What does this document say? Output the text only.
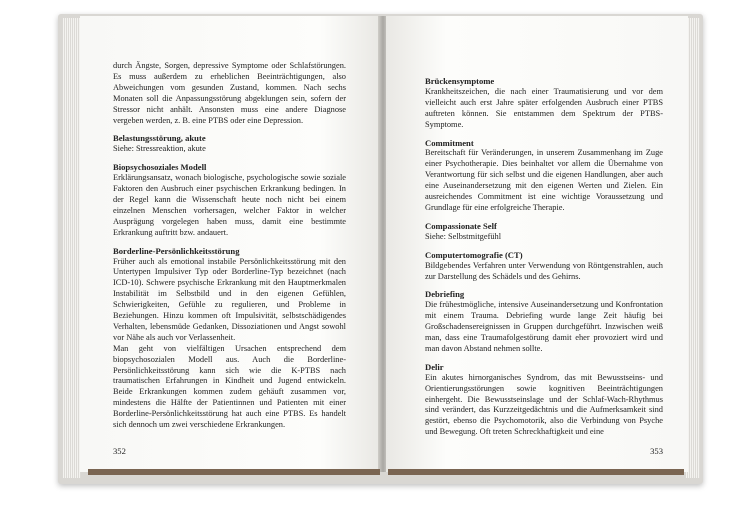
durch Ängste, Sorgen, depressive Symptome oder Schlafstörungen. Es muss außerdem zu erheblichen Beeinträchtigungen, also Abweichungen vom gesunden Zustand, kommen. Nach sechs Monaten soll die Anpassungsstörung abgeklungen sein, sofern der Stressor nicht anhält. Ansonsten muss eine andere Diagnose vergeben werden, z. B. eine PTBS oder eine Depression.

Belastungsstörung, akute

Siehe: Stressreaktion, akute

Biopsychosoziales Modell

Erklärungsansatz, wonach biologische, psychologische sowie soziale Faktoren den Ausbruch einer psychischen Erkrankung bedingen. In der Regel kann die Wissenschaft heute noch nicht bei einem einzelnen Menschen vorhersagen, welcher Faktor in welcher Ausprägung vorgelegen haben muss, damit eine bestimmte Erkrankung auftritt bzw. andauert.

Borderline-Persönlichkeitsstörung

Früher auch als emotional instabile Persönlichkeitsstörung mit den Untertypen Impulsiver Typ oder Borderline-Typ bezeichnet (nach ICD-10). Schwere psychische Erkrankung mit den Hauptmerkmalen Instabilität im Selbstbild und in den eigenen Gefühlen, Schwierigkeiten, Gefühle zu regulieren, und Probleme in Beziehungen. Hinzu kommen oft Impulsivität, selbstschädigendes Verhalten, lebensmüde Gedanken, Dissoziationen und Angst sowohl vor Nähe als auch vor Verlassenheit.

Man geht von vielfältigen Ursachen entsprechend dem biopsychosozialen Modell aus. Auch die Borderline-Persönlichkeitsstörung kann sich wie die K-PTBS nach traumatischen Erfahrungen in Kindheit und Jugend entwickeln. Beide Erkrankungen kommen zudem gehäuft zusammen vor, mindestens die Hälfte der Patientinnen und Patienten mit einer Borderline-Persönlichkeitsstörung hat auch eine PTBS. Es handelt sich dennoch um zwei verschiedene Erkrankungen.

352
Brückensymptome

Krankheitszeichen, die nach einer Traumatisierung und vor dem vielleicht auch erst Jahre später erfolgenden Ausbruch einer PTBS auftreten können. Sie entstammen dem Spektrum der PTBS-Symptome.

Commitment

Bereitschaft für Veränderungen, in unserem Zusammenhang im Zuge einer Psychotherapie. Dies beinhaltet vor allem die Übernahme von Verantwortung für sich selbst und die eigenen Handlungen, aber auch eine Auseinandersetzung mit den eigenen Werten und Zielen. Ein ausreichendes Commitment ist eine wichtige Voraussetzung und Grundlage für eine erfolgreiche Therapie.

Compassionate Self

Siehe: Selbstmitgefühl

Computertomografie (CT)

Bildgebendes Verfahren unter Verwendung von Röntgenstrahlen, auch zur Darstellung des Schädels und des Gehirns.

Debriefing

Die frühestmögliche, intensive Auseinandersetzung und Konfrontation mit einem Trauma. Debriefing wurde lange Zeit häufig bei Großschadensereignissen in Gruppen durchgeführt. Inzwischen weiß man, dass eine Traumafolgestörung damit eher provoziert wird und man davon Abstand nehmen sollte.

Delir

Ein akutes hirnorganisches Syndrom, das mit Bewusstseins- und Orientierungsstörungen sowie kognitiven Beeinträchtigungen einhergeht. Die Bewusstseinslage und der Schlaf-Wach-Rhythmus sind verändert, das Kurzzeitgedächtnis und die Aufmerksamkeit sind gestört, ebenso die Psychomotorik, also die Verbindung von Psyche und Bewegung. Oft treten Schreckhaftigkeit und eine

353
